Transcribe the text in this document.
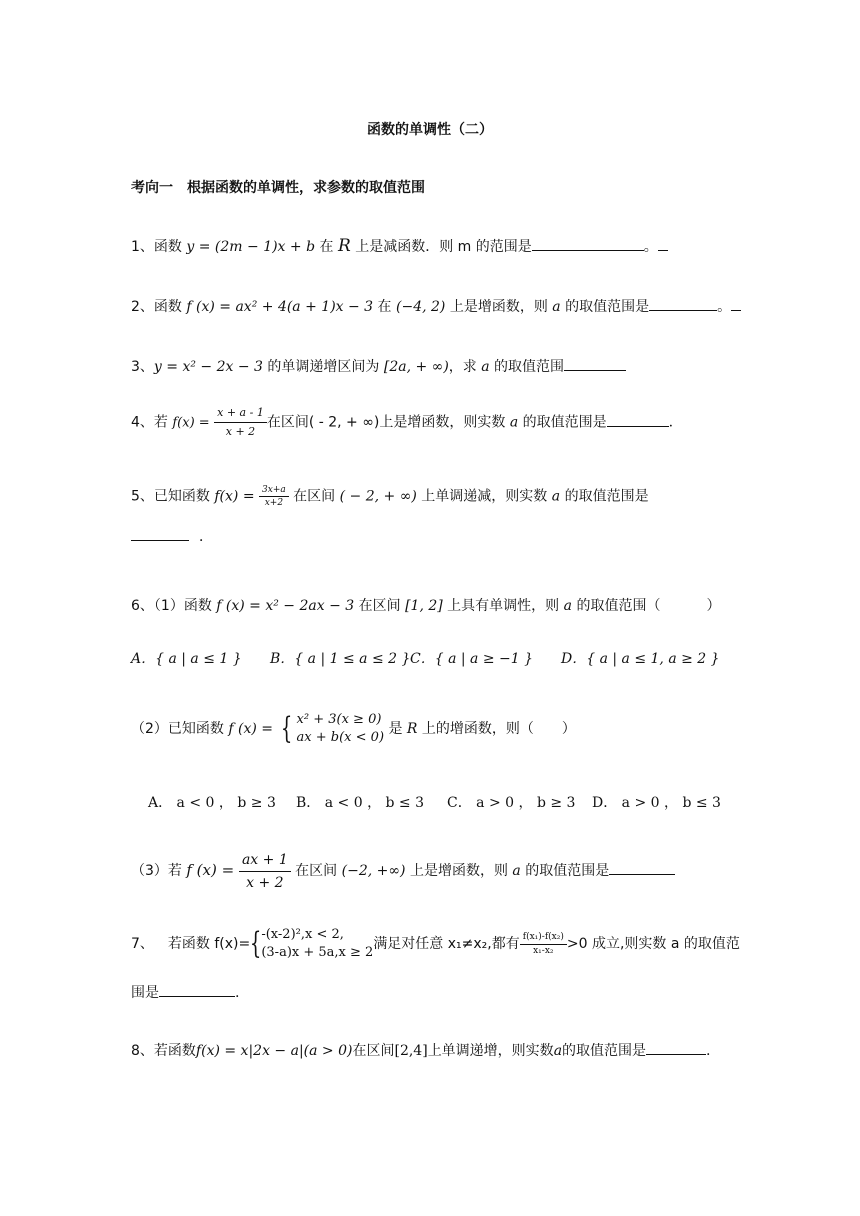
函数的单调性（二）
考向一　根据函数的单调性，求参数的取值范围
1、函数 y = (2m − 1)x + b 在 R 上是减函数．则 m 的范围是	。
2、函数 f (x) = ax² + 4(a + 1)x − 3 在 (−4, 2) 上是增函数，则 a 的取值范围是	。
3、y = x² − 2x − 3 的单调递增区间为 [2a, + ∞)，求 a 的取值范围
4、若 $f(x) = \frac{x + a ‐ 1}{x + 2}$ 在区间( ‐ 2, + ∞)上是增函数，则实数 a 的取值范围是	.
5、已知函数 $f(x) = \frac{3x+a}{x+2}$ 在区间 ( − 2, + ∞) 上单调递减，则实数 a 的取值范围是
．
6、（1）函数 f (x) = x² − 2ax − 3 在区间 [1, 2] 上具有单调性，则 a 的取值范围（	）
A．{ a | a ≤ 1 } B．{ a | 1 ≤ a ≤ 2 } C．{ a | a ≥ −1 } D．{ a | a ≤ 1, a ≥ 2 }
（2）已知函数 f (x) = { x² + 3(x ≥ 0)
ax + b(x < 0)
是 R 上的增函数，则（ ）
A． a < 0 ， b ≥ 3 B． a < 0 ， b ≤ 3 C． a > 0 ， b ≥ 3 D． a > 0 ， b ≤ 3
（3）若 f $(x) = \frac{ax + 1}{x + 2}$ 在区间 (−2, +∞) 上是增函数，则 a 的取值范围是
7、 若函数 f(x)={ -(x-2)²,x < 2,
(3-a)x + 5a,x ≥ 2
满足对任意 x₁≠x₂,都有 $\frac{\text{f(x₁)-f(x₂)}}{\text{x₁-x₂}} >0$ 成立,则实数 a 的取值范
围是	.
8、若函数f(x) = x|2x − a|(a > 0)在区间[2,4]上单调递增，则实数a的取值范围是	.
